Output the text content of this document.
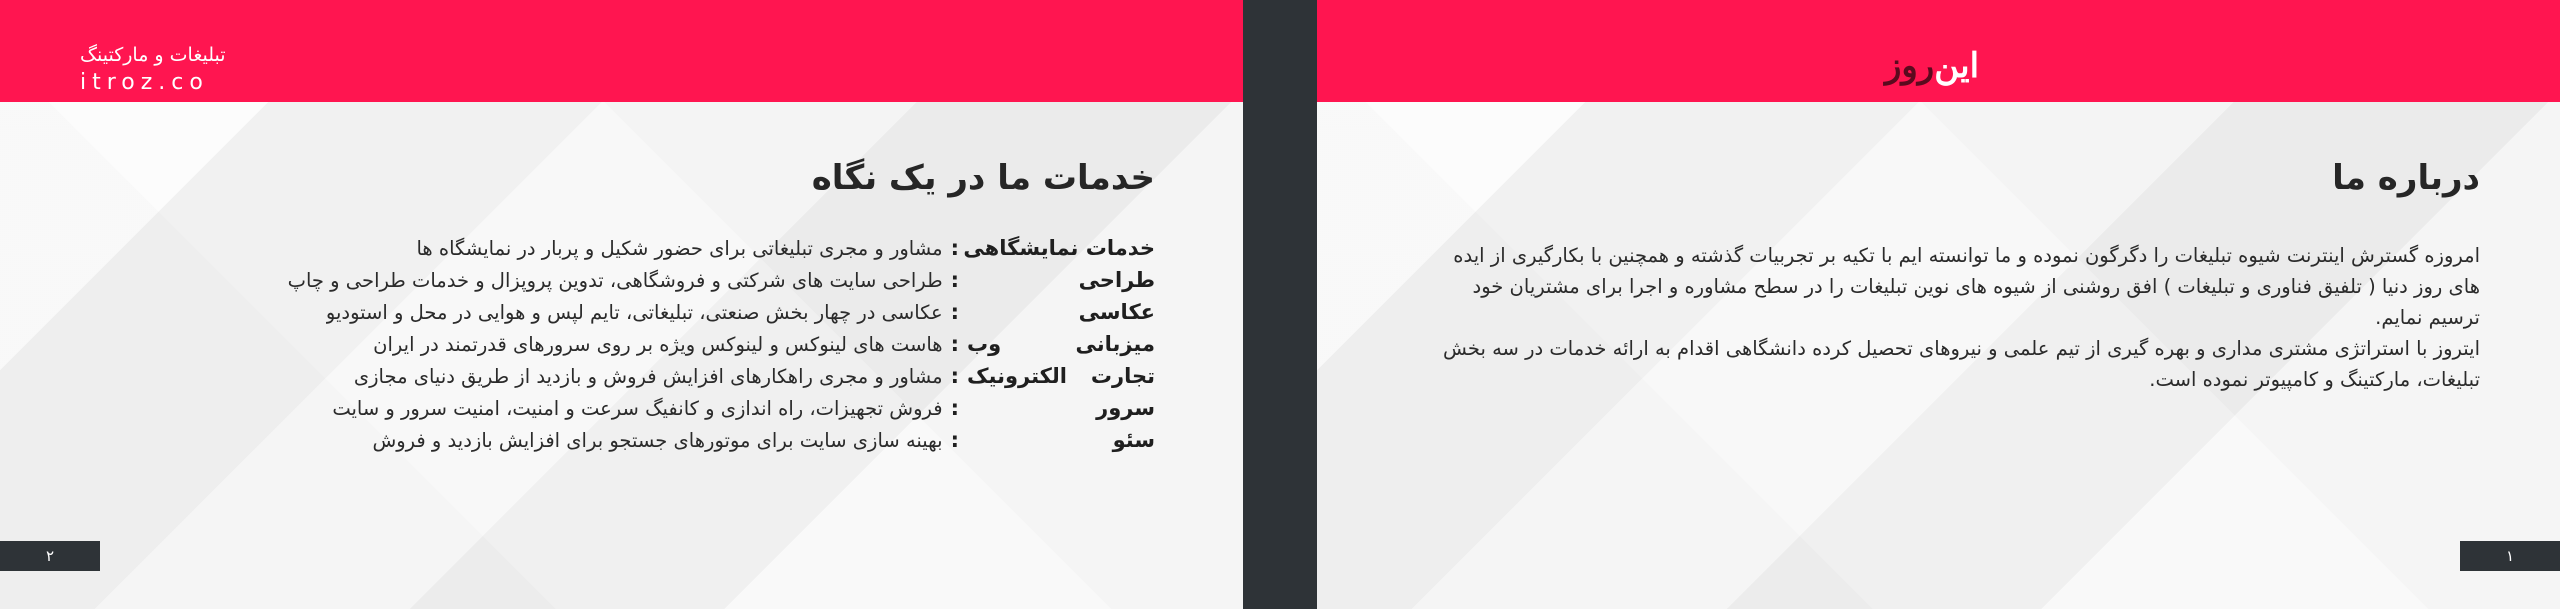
تبلیغات و مارکتینگ
itroz.co
خدمات ما در یک نگاه
خدمات نمایشگاهی
:
مشاور و مجری تبلیغاتی برای حضور شکیل و پربار در نمایشگاه ها
طراحی
:
طراحی سایت های شرکتی و فروشگاهی، تدوین پروپزال و خدمات طراحی و چاپ
عکاسی
:
عکاسی در چهار بخش صنعتی، تبلیغاتی، تایم لپس و هوایی در محل و استودیو
میزبانی وب
:
هاست های لینوکس و لینوکس ویژه بر روی سرورهای قدرتمند در ایران
تجارت الکترونیک
:
مشاور و مجری راهکارهای افزایش فروش و بازدید از طریق دنیای مجازی
سرور
:
فروش تجهیزات، راه اندازی و کانفیگ سرعت و امنیت، امنیت سرور و سایت
سئو
:
بهینه سازی سایت برای موتورهای جستجو برای افزایش بازدید و فروش
۲
این
روز
درباره ما

امروزه گسترش اینترنت شیوه تبلیغات را دگرگون نموده و ما توانسته ایم با تکیه بر تجربیات گذشته و همچنین با بکارگیری از ایده های روز دنیا ( تلفیق فناوری و تبلیغات ) افق روشنی از شیوه های نوین تبلیغات را در سطح مشاوره و اجرا برای مشتریان خود ترسیم نمایم.

ایتروز با استراتژی مشتری مداری و بهره گیری از تیم علمی و نیروهای تحصیل کرده دانشگاهی اقدام به ارائه خدمات در سه بخش تبلیغات، مارکتینگ و کامپیوتر نموده است.

۱
